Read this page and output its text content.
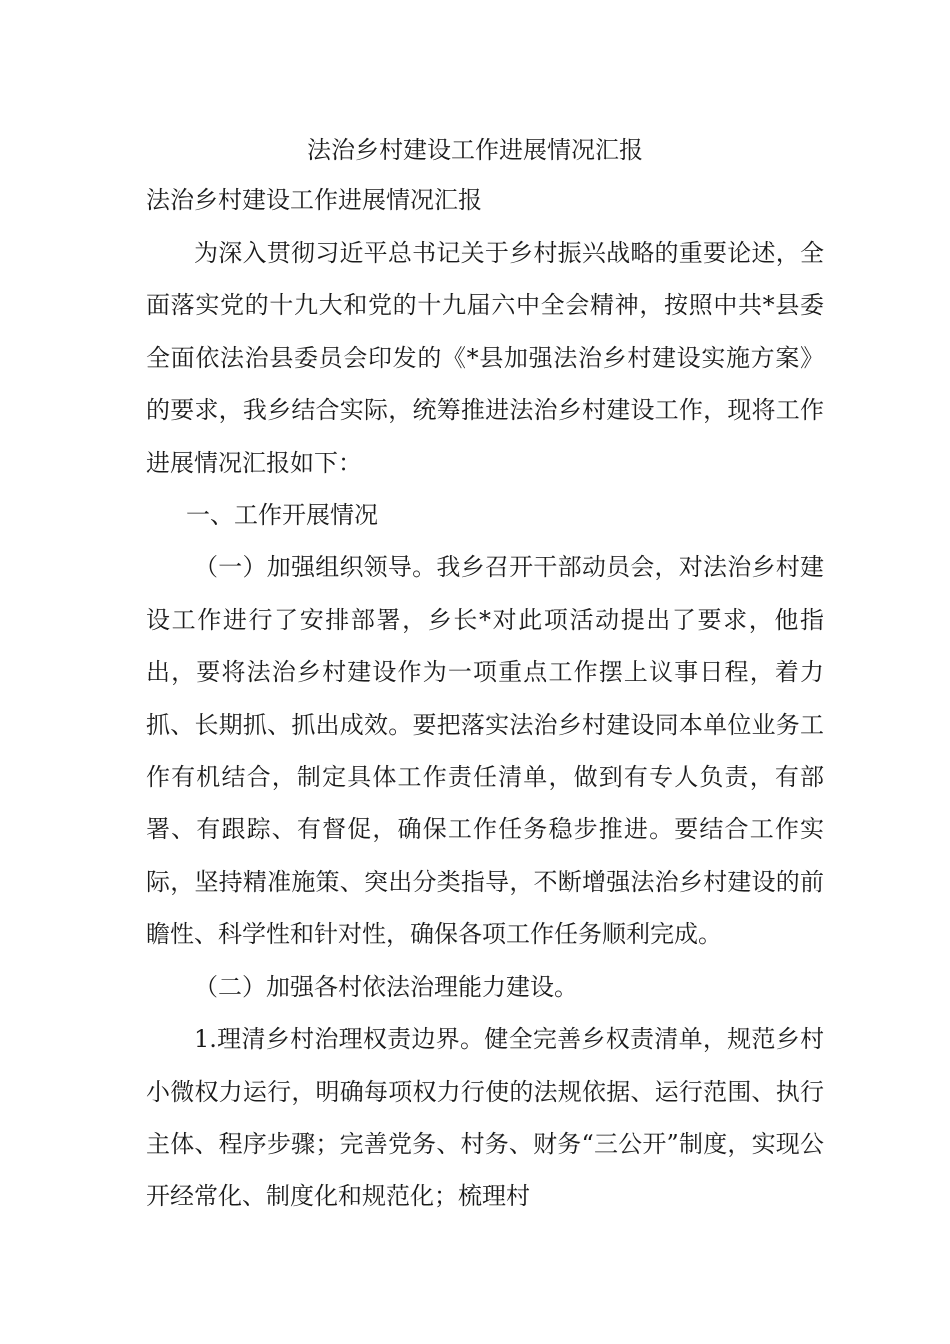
法治乡村建设工作进展情况汇报
法治乡村建设工作进展情况汇报

为深入贯彻习近平总书记关于乡村振兴战略的重要论述，全面落实党的十九大和党的十九届六中全会精神，按照中共*县委全面依法治县委员会印发的《*县加强法治乡村建设实施方案》的要求，我乡结合实际，统筹推进法治乡村建设工作，现将工作进展情况汇报如下：

一、工作开展情况

（一）加强组织领导。我乡召开干部动员会，对法治乡村建设工作进行了安排部署，乡长*对此项活动提出了要求，他指出，要将法治乡村建设作为一项重点工作摆上议事日程，着力抓、长期抓、抓出成效。要把落实法治乡村建设同本单位业务工作有机结合，制定具体工作责任清单，做到有专人负责，有部署、有跟踪、有督促，确保工作任务稳步推进。要结合工作实际，坚持精准施策、突出分类指导，不断增强法治乡村建设的前瞻性、科学性和针对性，确保各项工作任务顺利完成。

（二）加强各村依法治理能力建设。

1.理清乡村治理权责边界。健全完善乡权责清单，规范乡村小微权力运行，明确每项权力行使的法规依据、运行范围、执行主体、程序步骤；完善党务、村务、财务“三公开”制度，实现公开经常化、制度化和规范化；梳理村
